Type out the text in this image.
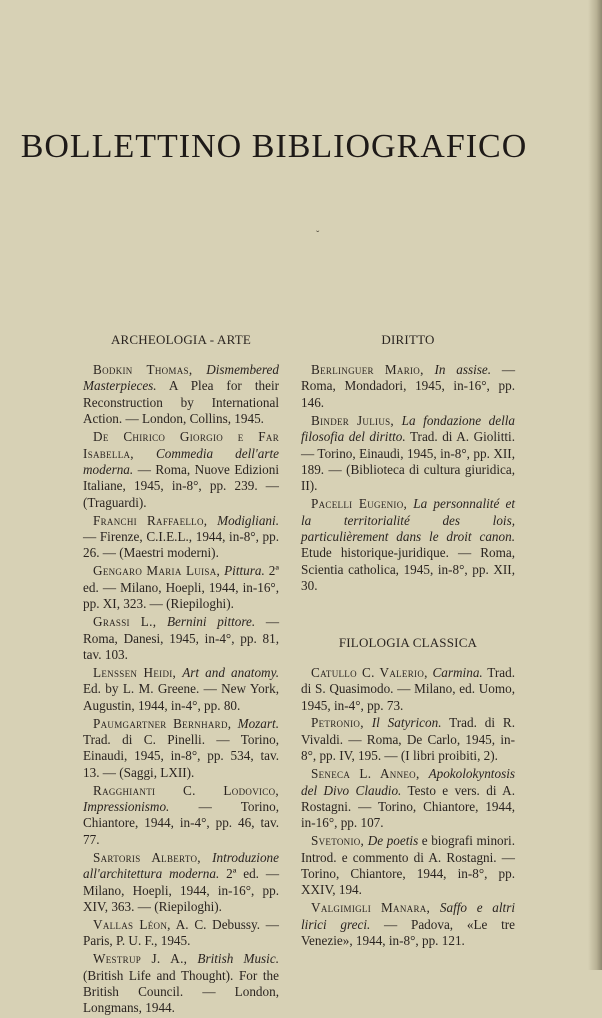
BOLLETTINO BIBLIOGRAFICO
ˇ
ARCHEOLOGIA - ARTE

Bodkin Thomas, Dismembered Masterpieces. A Plea for their Reconstruction by International Action. — London, Collins, 1945.

De Chirico Giorgio e Far Isabella, Commedia dell'arte moderna. — Roma, Nuove Edizioni Italiane, 1945, in-8°, pp. 239. — (Traguardi).

Franchi Raffaello, Modigliani. — Firenze, C.I.E.L., 1944, in-8°, pp. 26. — (Maestri moderni).

Gengaro Maria Luisa, Pittura. 2ª ed. — Milano, Hoepli, 1944, in-16°, pp. XI, 323. — (Riepiloghi).

Grassi L., Bernini pittore. — Roma, Danesi, 1945, in-4°, pp. 81, tav. 103.

Lenssen Heidi, Art and anatomy. Ed. by L. M. Greene. — New York, Augustin, 1944, in-4°, pp. 80.

Paumgartner Bernhard, Mozart. Trad. di C. Pinelli. — Torino, Einaudi, 1945, in-8°, pp. 534, tav. 13. — (Saggi, LXII).

Ragghianti C. Lodovico, Impressionismo. — Torino, Chiantore, 1944, in-4°, pp. 46, tav. 77.

Sartoris Alberto, Introduzione all'architettura moderna. 2ª ed. — Milano, Hoepli, 1944, in-16°, pp. XIV, 363. — (Riepiloghi).

Vallas Léon, A. C. Debussy. — Paris, P. U. F., 1945.

Westrup J. A., British Music. (British Life and Thought). For the British Council. — London, Longmans, 1944.

DIRITTO

Berlinguer Mario, In assise. — Roma, Mondadori, 1945, in-16°, pp. 146.

Binder Julius, La fondazione della filosofia del diritto. Trad. di A. Giolitti. — Torino, Einaudi, 1945, in-8°, pp. XII, 189. — (Biblioteca di cultura giuridica, II).

Pacelli Eugenio, La personnalité et la territorialité des lois, particulièrement dans le droit canon. Etude historique-juridique. — Roma, Scientia catholica, 1945, in-8°, pp. XII, 30.

FILOLOGIA CLASSICA

Catullo C. Valerio, Carmina. Trad. di S. Quasimodo. — Milano, ed. Uomo, 1945, in-4°, pp. 73.

Petronio, Il Satyricon. Trad. di R. Vivaldi. — Roma, De Carlo, 1945, in-8°, pp. IV, 195. — (I libri proibiti, 2).

Seneca L. Anneo, Apokolokyntosis del Divo Claudio. Testo e vers. di A. Rostagni. — Torino, Chiantore, 1944, in-16°, pp. 107.

Svetonio, De poetis e biografi minori. Introd. e commento di A. Rostagni. — Torino, Chiantore, 1944, in-8°, pp. XXIV, 194.

Valgimigli Manara, Saffo e altri lirici greci. — Padova, «Le tre Venezie», 1944, in-8°, pp. 121.
